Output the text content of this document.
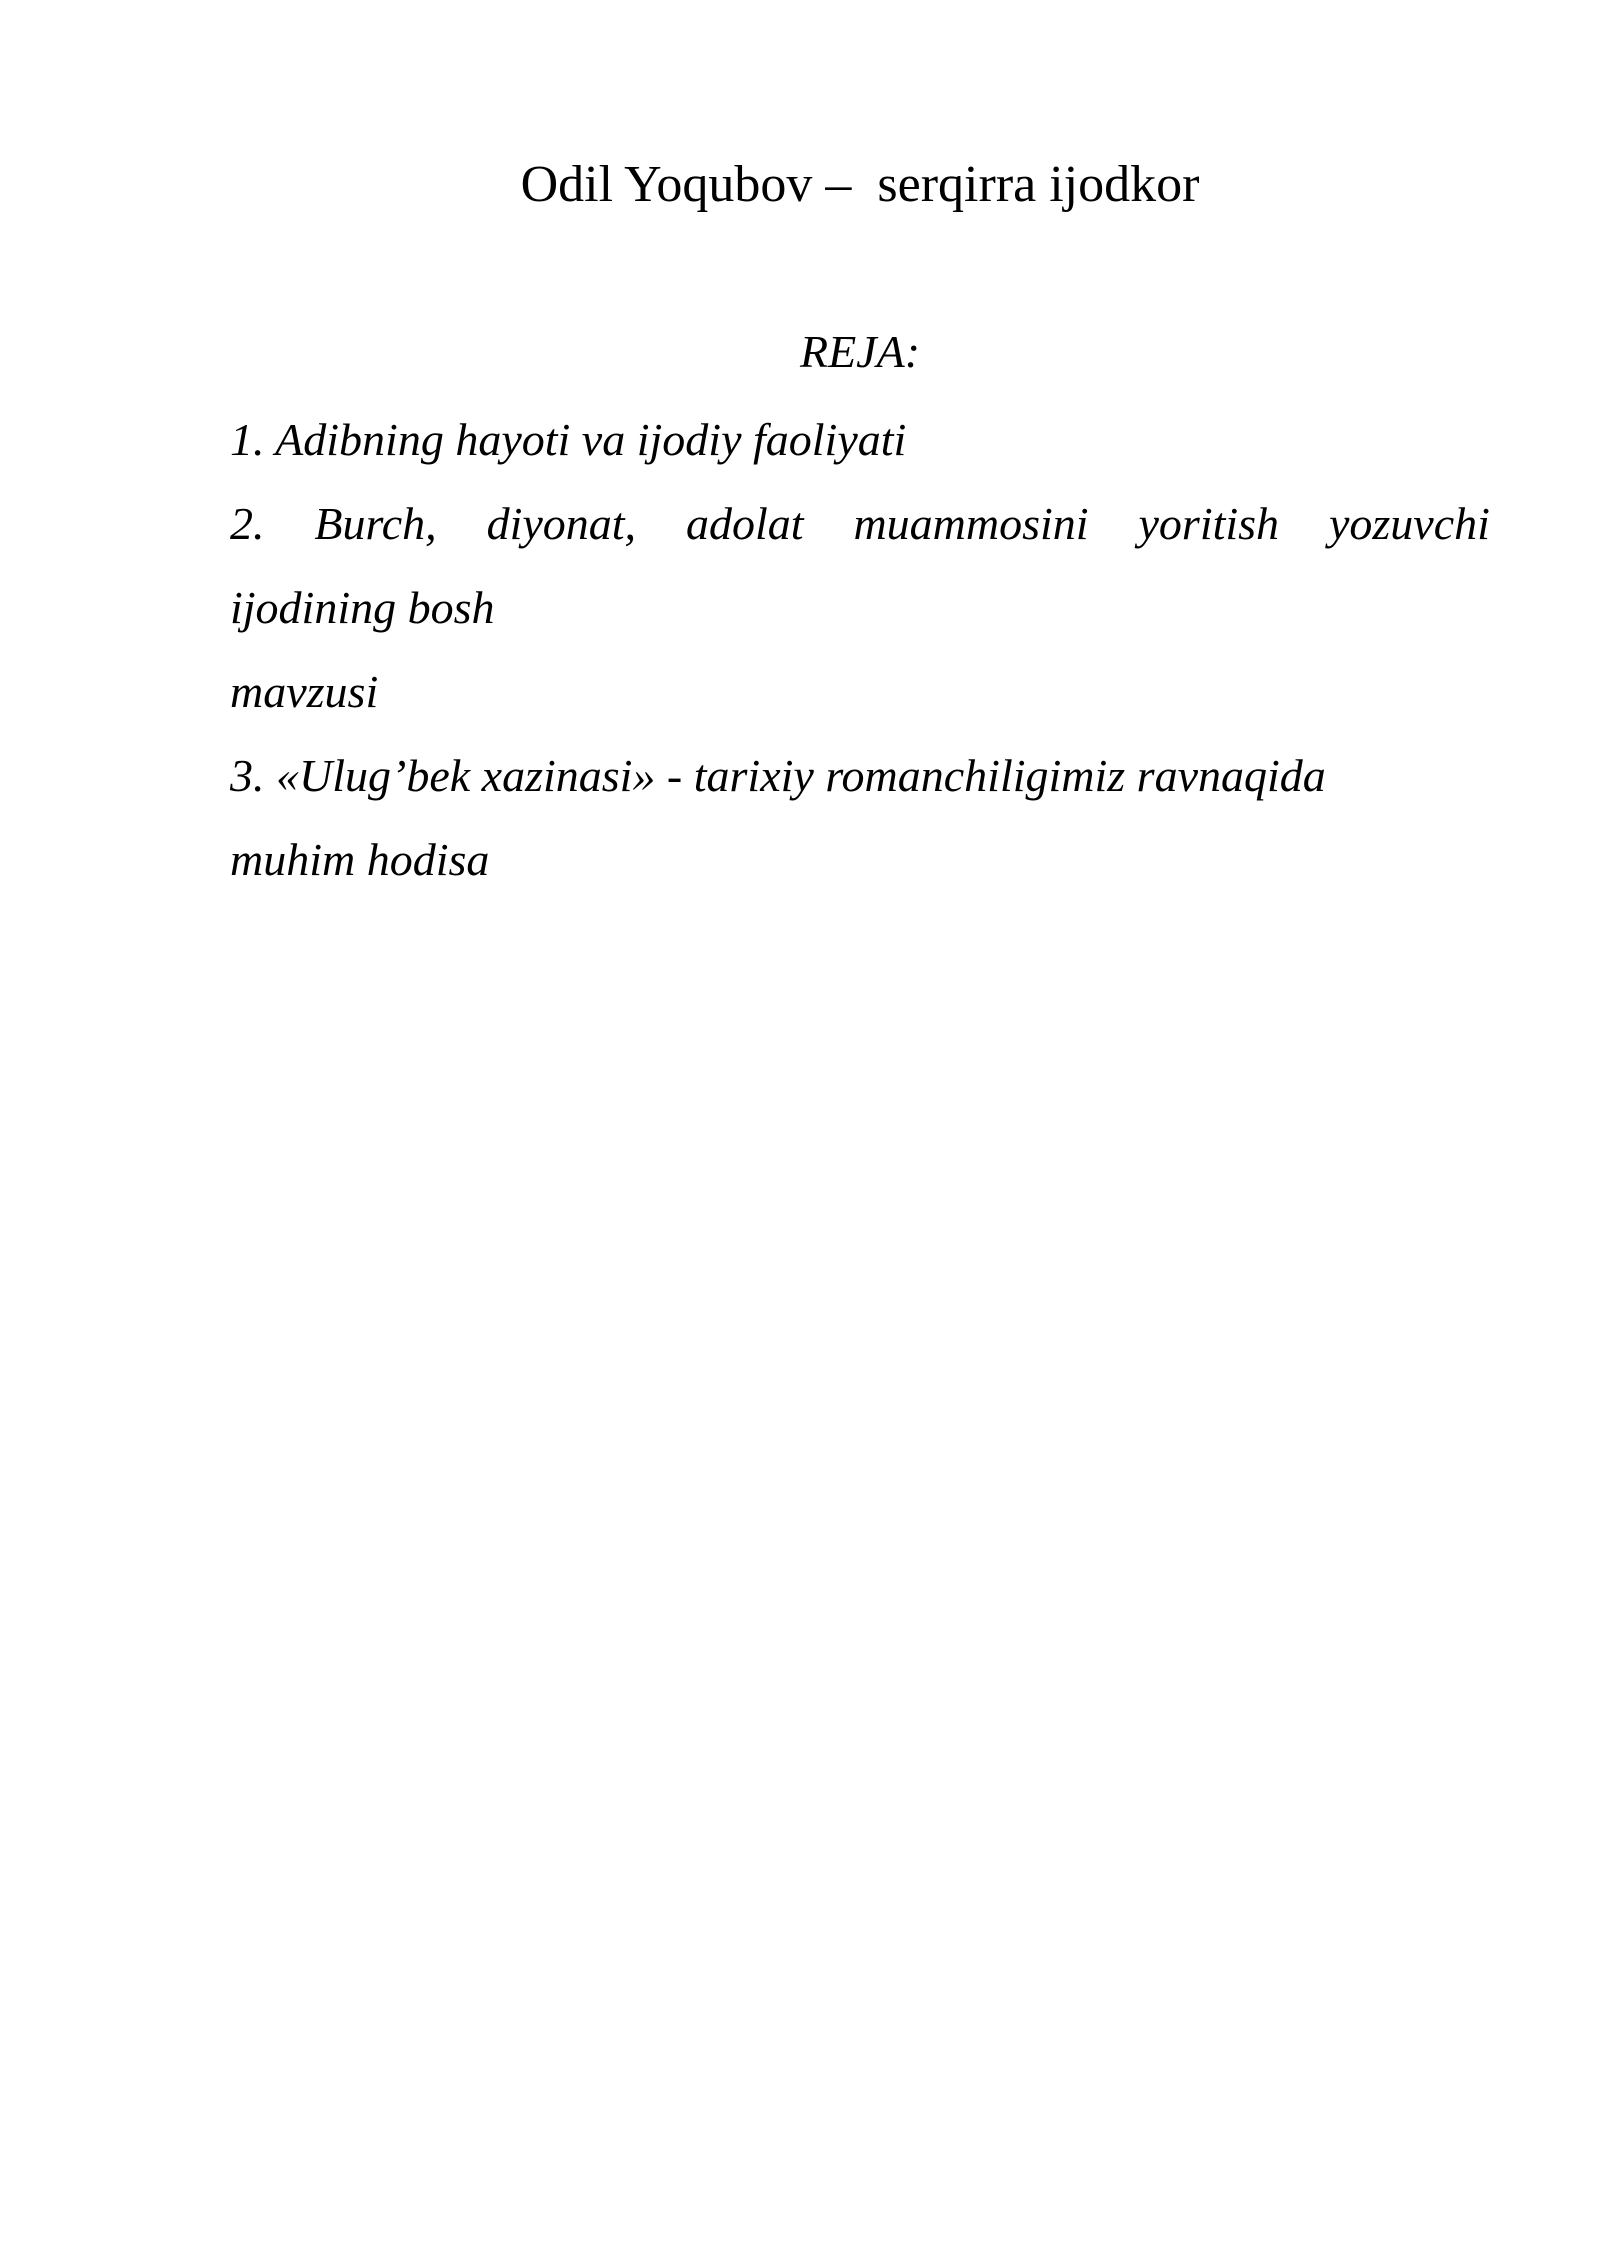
Odil Yoqubov –  serqirra ijodkor
REJA:
1. Adibning hayoti va ijodiy faoliyati
2. Burch, diyonat, adolat muammosini yoritish yozuvchi
ijodining bosh
mavzusi
3. «Ulug’bek xazinasi» - tarixiy romanchiligimiz ravnaqida
muhim hodisa
